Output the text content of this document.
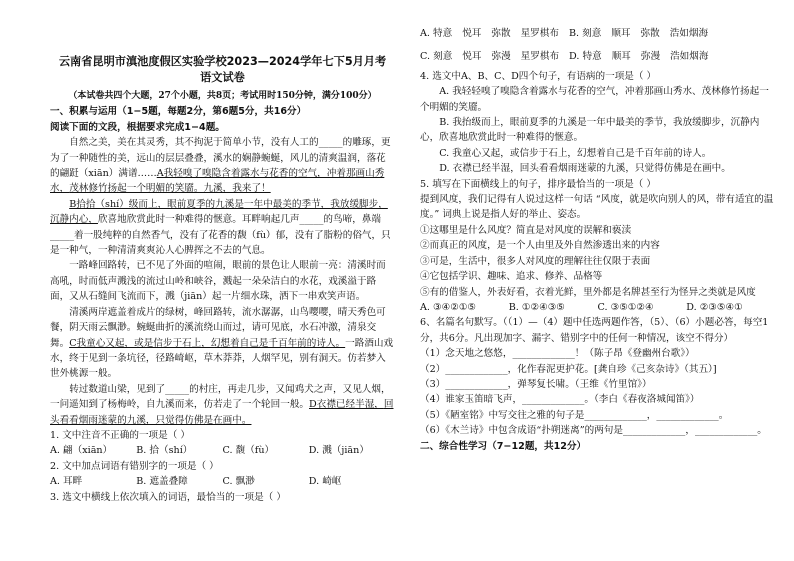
云南省昆明市滇池度假区实验学校2023—2024学年七下5月月考
语文试卷
（本试卷共四个大题，27个小题，共8页；考试用时150分钟，满分100分）
一、积累与运用（1−5题，每题2分，第6题5分，共16分）
阅读下面的文段，根据要求完成1−4题。

自然之美，美在其灵秀，其不拘泥于简单小节，没有人工的_____的雕琢，更为了一种随性的美，远山的层层叠叠，溪水的娴静蜿蜒，风儿的清爽温润，落花的翩跹（xiān）满谱……A我轻嗅了嗅隐含着露水与花香的空气，冲着那画山秀水，茂林修竹扬起一个明媚的笑靥。九溪，我来了！

B拾拾（shí）级而上，眼前夏季的九溪是一年中最美的季节，我放缓脚步，沉静内心，欣喜地欣赏此时一种难得的惬意。耳畔响起几声_____的鸟啼，鼻端_____着一股纯粹的自然香气，没有了花香的馥（fù）郁，没有了脂粉的俗气，只是一种气，一种清清爽爽沁人心脾挥之不去的气息。

一路峰回路转，已不见了外面的喧闹，眼前的景色让人眼前一亮：清溪时而高吼，时而低声溅浅的流过山岭和峡谷，溅起一朵朵洁白的水花，戏溪溢于路面，又从石缝间飞流而下，溅（jiān）起一片细水珠，洒下一串欢笑声语。

清溪两岸遮盖着成片的绿树，峰回路转，流水潺潺，山鸟嘤嘤，晴天秀色可餐，阴天雨云飘渺。蜿蜒曲折的溪流绕山而过，请可见底，水石冲激，清泉交舞。C我童心又起，或是信步于石上，幻想着自己是千百年前的诗人。一路酒山戏水，终于见到一条坑径，径路崎岖，草木莽莽，人烟罕见，别有洞天。仿若梦入世外桃源一般。

转过数道山梁，见到了_____的村庄，再走几步，又闻鸡犬之声，又见人烟，一问遥知到了杨梅岭，自九溪而来，仿若走了一个轮回一般。D衣襟已经半湿，回头看看烟雨迷蒙的九溪，只觉得仿佛是在画中。

1. 文中注音不正确的一项是（ ）
A. 翩（xiān）	B. 拾（shí）	C. 馥（fù）	D. 溅（jiān）
2. 文中加点词语有错别字的一项是（ ）
A. 耳畔	B. 遮盖叠障	C. 飘渺	D. 崎岖
3. 选文中横线上依次填入的词语，最恰当的一项是（ ）
A. 特意 悦耳 弥散 星罗棋布 B. 刻意 顺耳 弥散 浩如烟海
C. 刻意 悦耳 弥漫 星罗棋布 D. 特意 顺耳 弥漫 浩如烟海
4. 选文中A、B、C、D四个句子，有语病的一项是（ ）

A. 我轻轻嗅了嗅隐含着露水与花香的空气，冲着那画山秀水、茂林修竹扬起一个明媚的笑靥。

B. 我抬级而上，眼前夏季的九溪是一年中最美的季节，我放缓脚步，沉静内心，欣喜地欣赏此时一种难得的惬意。

C. 我童心又起，或信步于石上，幻想着自己是千百年前的诗人。

D. 衣襟已经半湿，回头看看烟雨迷蒙的九溪，只觉得仿佛是在画中。

5. 填写在下面横线上的句子，排序最恰当的一项是（ ）

提到风度，我们记得有人说过这样一句话 “风度，就是吹向别人的风，带有适宜的温度。” 词典上说是指人好的举止、姿态。

①这哪里是什么风度？简直是对风度的误解和亵渎
②而真正的风度，是一个人由里及外自然渗透出来的内容
③可是，生活中，很多人对风度的理解往往仅限于表面
④它包括学识、趣味、追求、修养、品格等
⑤有的借鉴人，外表好看，衣着光鲜，里外都是名牌甚至行为怪异之类就是风度
A. ③④②①⑤	B. ①②④③⑤	C. ③⑤①②④	D. ②③⑤④①

6、名篇名句默写。（（1）—（4）题中任选两题作答，（5）、（6）小题必答，每空1分，共6分。凡出现加字、漏字、错别字中的任何一种情况，该空不得分）

（1）念天地之悠悠，_____________！（陈子昂《登幽州台歌》）
（2）_____________，化作春泥更护花。[龚自珍《己亥杂诗》（其五）]
（3）_____________，弹琴复长啸。（王维《竹里馆》）
（4）谁家玉笛暗飞声，_____________。（李白《春夜洛城闻笛》）
（5）《陋室铭》中写交往之雅的句子是_____________，_____________。
（6）《木兰诗》中包含成语“扑朔迷离”的两句是_____________，_____________。
二、综合性学习（7−12题，共12分）
